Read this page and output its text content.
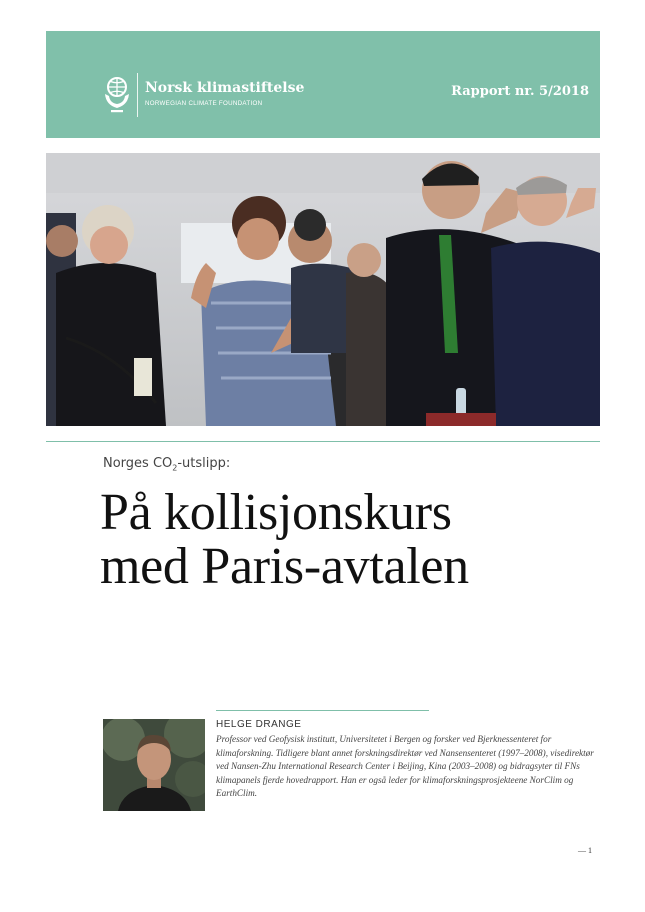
Norsk klimastiftelse
NORWEGIAN CLIMATE FOUNDATION
Rapport nr. 5/2018
Norges $CO_2$-utslipp:
På kollisjonskurs
med Paris-avtalen
HELGE DRANGE
Professor ved Geofysisk institutt, Universitetet i Bergen og forsker ved Bjerknessenteret for klimaforskning. Tidligere blant annet forskningsdirektør ved Nansensenteret (1997–2008), visedirektør ved Nansen-Zhu International Research Center i Beijing, Kina (2003–2008) og bidragsyter til FNs klimapanels fjerde hovedrapport. Han er også leder for klimaforskningsprosjekteene NorClim og EarthClim.
— 1
